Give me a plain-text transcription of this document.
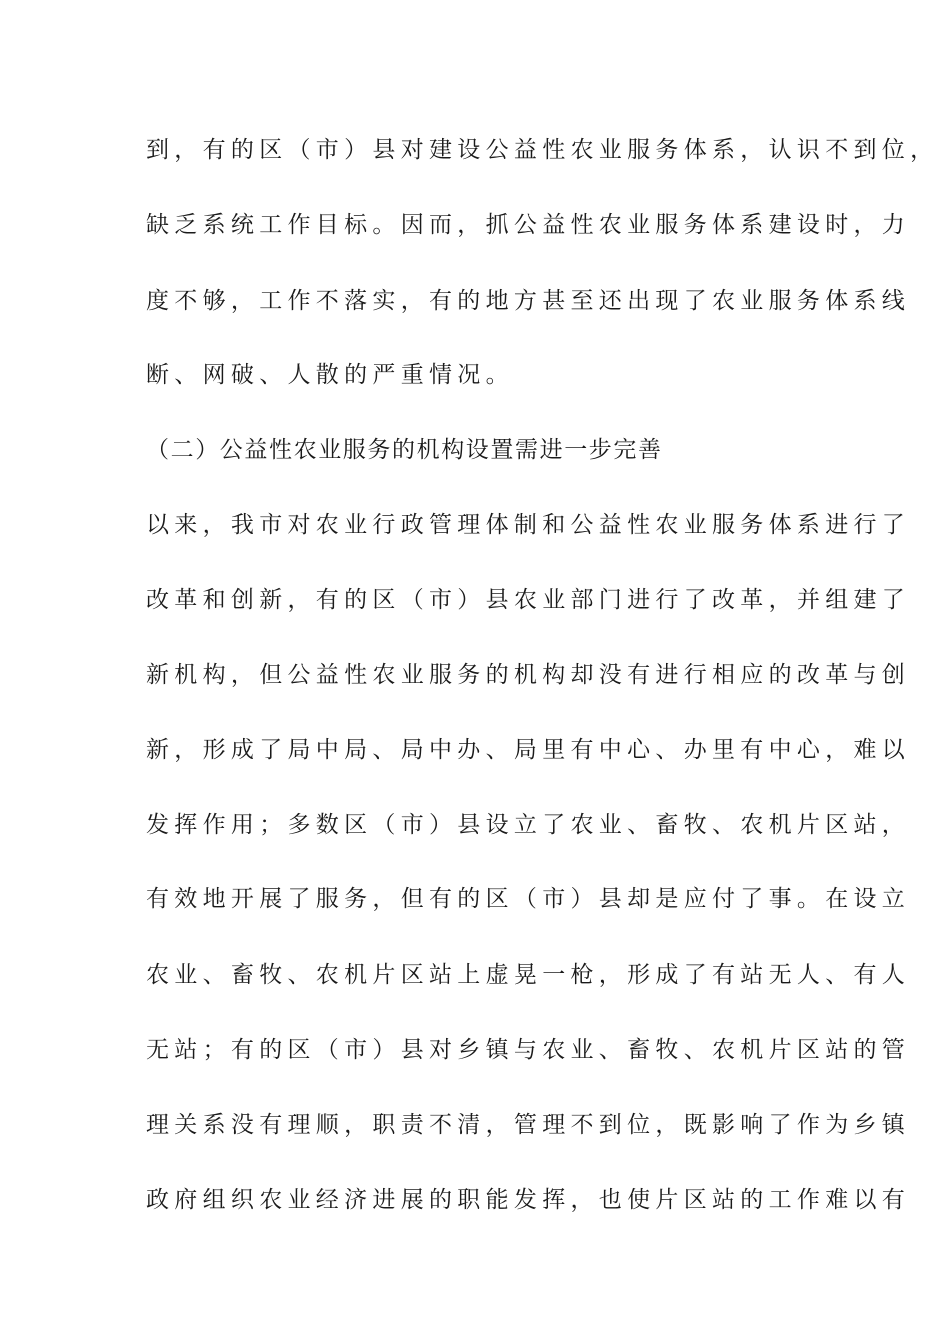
到，有的区（市）县对建设公益性农业服务体系，认识不到位，
缺乏系统工作目标。因而，抓公益性农业服务体系建设时，力
度不够，工作不落实，有的地方甚至还出现了农业服务体系线
断、网破、人散的严重情况。
（二）公益性农业服务的机构设置需进一步完善
以来，我市对农业行政管理体制和公益性农业服务体系进行了
改革和创新，有的区（市）县农业部门进行了改革，并组建了
新机构，但公益性农业服务的机构却没有进行相应的改革与创
新，形成了局中局、局中办、局里有中心、办里有中心，难以
发挥作用；多数区（市）县设立了农业、畜牧、农机片区站，
有效地开展了服务，但有的区（市）县却是应付了事。在设立
农业、畜牧、农机片区站上虚晃一枪，形成了有站无人、有人
无站；有的区（市）县对乡镇与农业、畜牧、农机片区站的管
理关系没有理顺，职责不清，管理不到位，既影响了作为乡镇
政府组织农业经济进展的职能发挥，也使片区站的工作难以有
